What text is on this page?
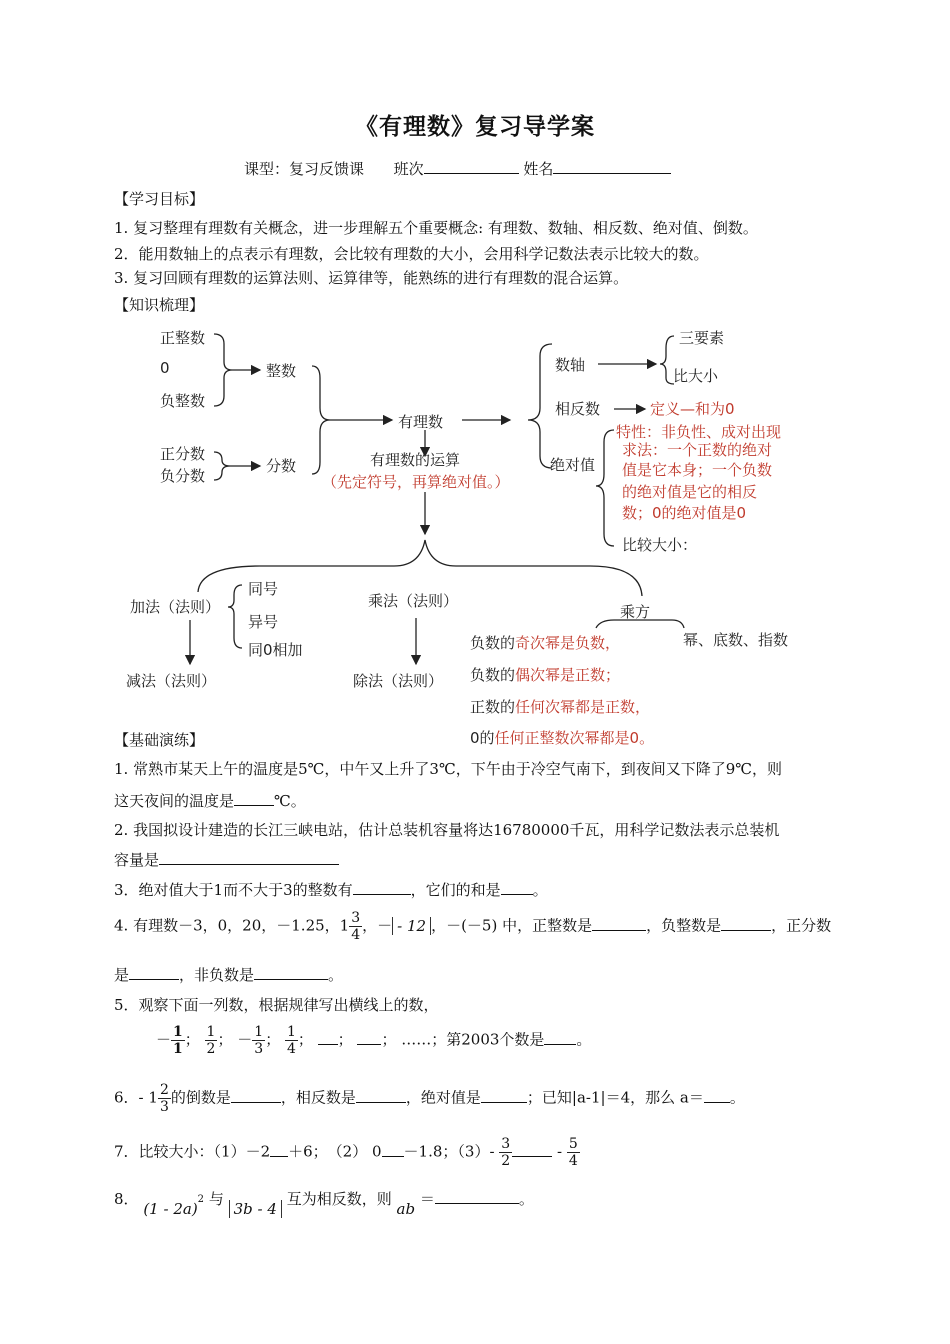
《有理数》复习导学案
课型：复习反馈课 班次	姓名
【学习目标】
1. 复习整理有理数有关概念，进一步理解五个重要概念: 有理数、数轴、相反数、绝对值、倒数。
2．能用数轴上的点表示有理数，会比较有理数的大小，会用科学记数法表示比较大的数。
3. 复习回顾有理数的运算法则、运算律等，能熟练的进行有理数的混合运算。
【知识梳理】
正整数
0
负整数
整数
正分数
负分数
分数
有理数
有理数的运算
（先定符号，再算绝对值。）
数轴
三要素
比大小
相反数	定义—和为0
绝对值
特性：非负性、成对出现
求法：一个正数的绝对
值是它本身；一个负数
的绝对值是它的相反
数；0的绝对值是0
比较大小：
加法（法则）
同号
异号
同0相加
减法（法则）
乘法（法则）
除法（法则）
乘方
幂、底数、指数
负数的奇次幂是负数，
负数的偶次幂是正数；
正数的任何次幂都是正数，
0的任何正整数次幂都是0。
【基础演练】
1. 常熟市某天上午的温度是5℃，中午又上升了3℃，下午由于冷空气南下，到夜间又下降了9℃，则
这天夜间的温度是	℃。
2. 我国拟设计建造的长江三峡电站，估计总装机容量将达16780000千瓦，用科学记数法表示总装机
容量是
3．绝对值大于1而不大于3的整数有	，它们的和是 。
4. 有理数－3，0，20，－1.25，$1 \frac{3}{4}$ ，－ - 12 ，－(－5) 中，正整数是	，负整数是	，正分数
是	，非负数是	。
5．观察下面一列数，根据规律写出横线上的数，
－ $\frac{1}{1}$ ； $\frac{1}{2}$ ； － $\frac{1}{3}$ ； $\frac{1}{4}$ ； ； ； ……；第2003个数是 。
6．- $1 \frac{2}{3}$ 的倒数是	，相反数是	，绝对值是	；已知|a-1|＝4，那么 a＝ 。
7．比较大小：（1）－2 ＋6；　（2） 0 －1.8；$(3)- \frac{3}{2}$	- $\frac{5}{4}$
8． (1 - 2a)$^2$ 与 3b - 4 互为相反数，则 ab ＝	。
